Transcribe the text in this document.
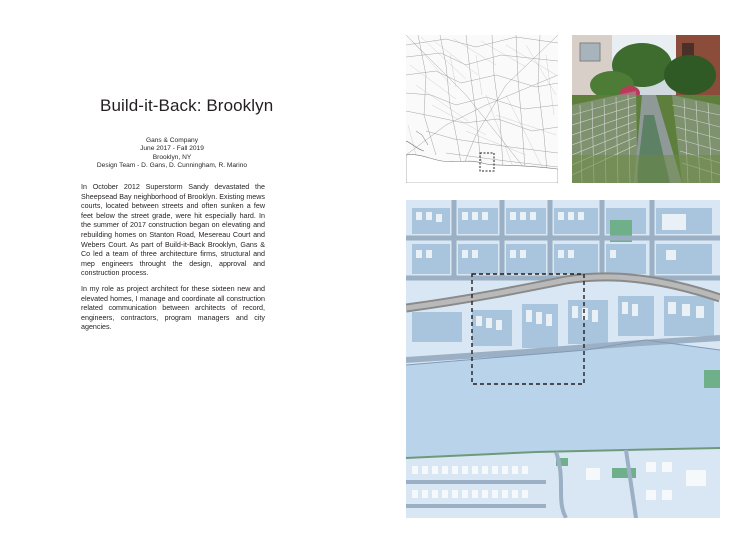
Build-it-Back: Brooklyn
Gans & Company
June 2017 - Fall 2019
Brooklyn, NY
Design Team - D. Gans, D. Cunningham, R. Marino

In October 2012 Superstorm Sandy devastated the Sheepsead Bay neighborhood of Brooklyn. Existing mews courts, located between streets and often sunken a few feet below the street grade, were hit especially hard. In the summer of 2017 construction began on elevating and rebuilding homes on Stanton Road, Mesereau Court and Webers Court. As part of Build-it-Back Brooklyn, Gans & Co led a team of three architecture firms, structural and mep engineers throught the design, approval and construction process.

In my role as project architect for these sixteen new and elevated homes, I manage and coordinate all construction related communication between architects of record, engineers, contractors, program managers and city agencies.
